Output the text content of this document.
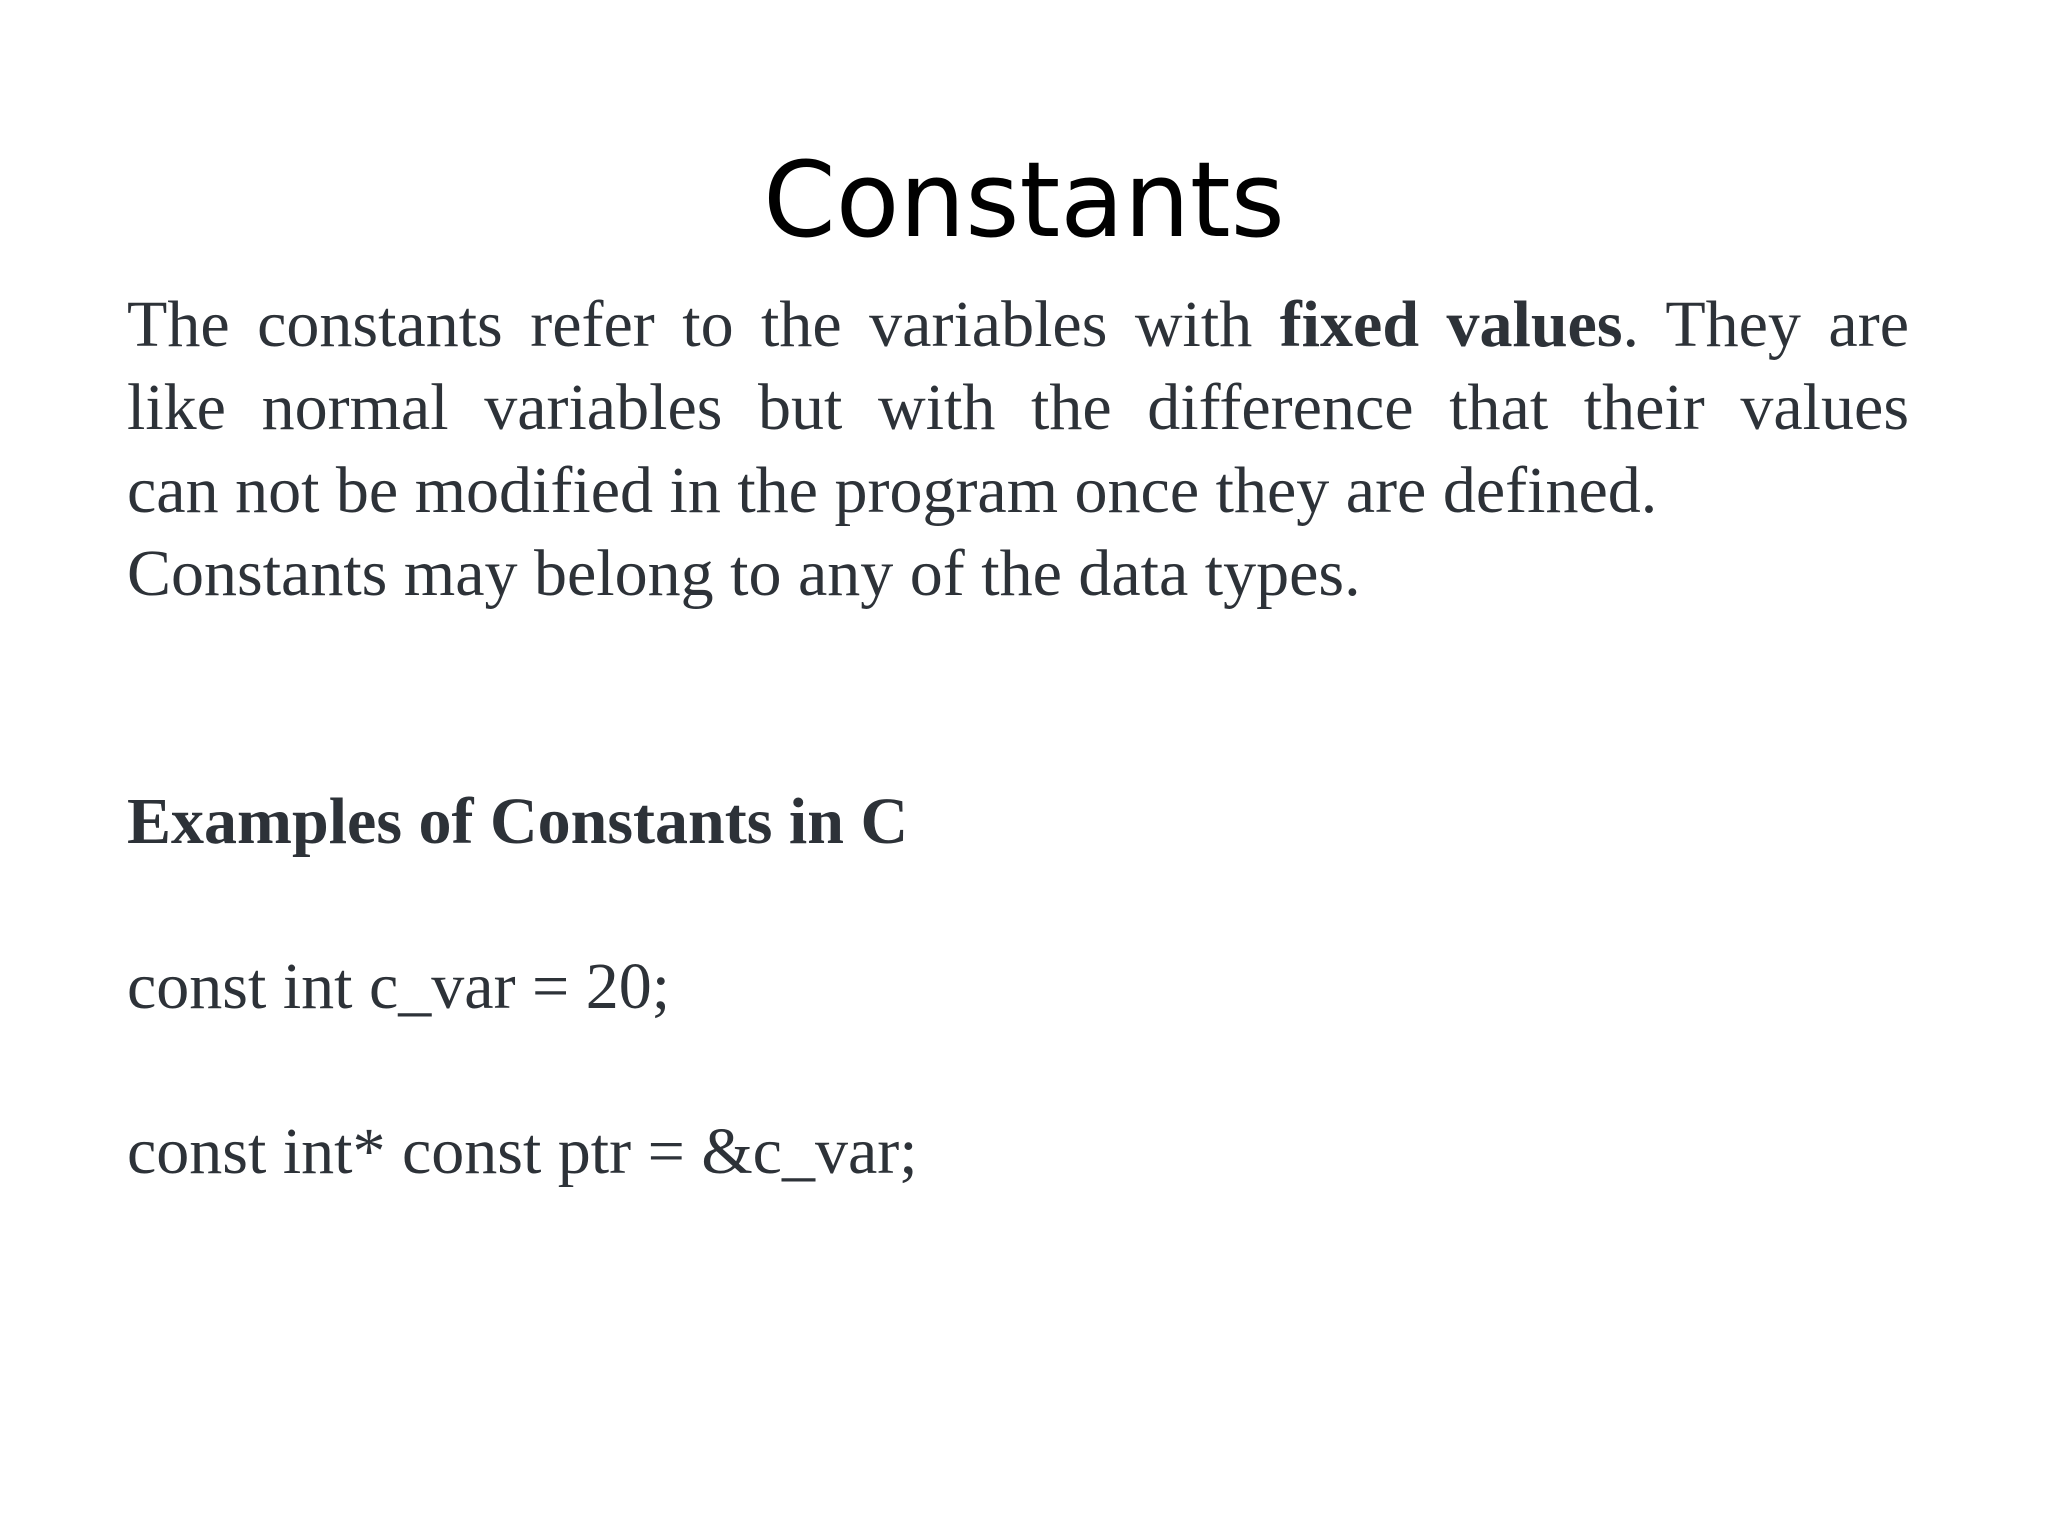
Constants
The constants refer to the variables with fixed values. They are
like normal variables but with the difference that their values
can not be modified in the program once they are defined.
Constants may belong to any of the data types.

Examples of Constants in C

const int c_var = 20;

const int* const ptr = &c_var;
